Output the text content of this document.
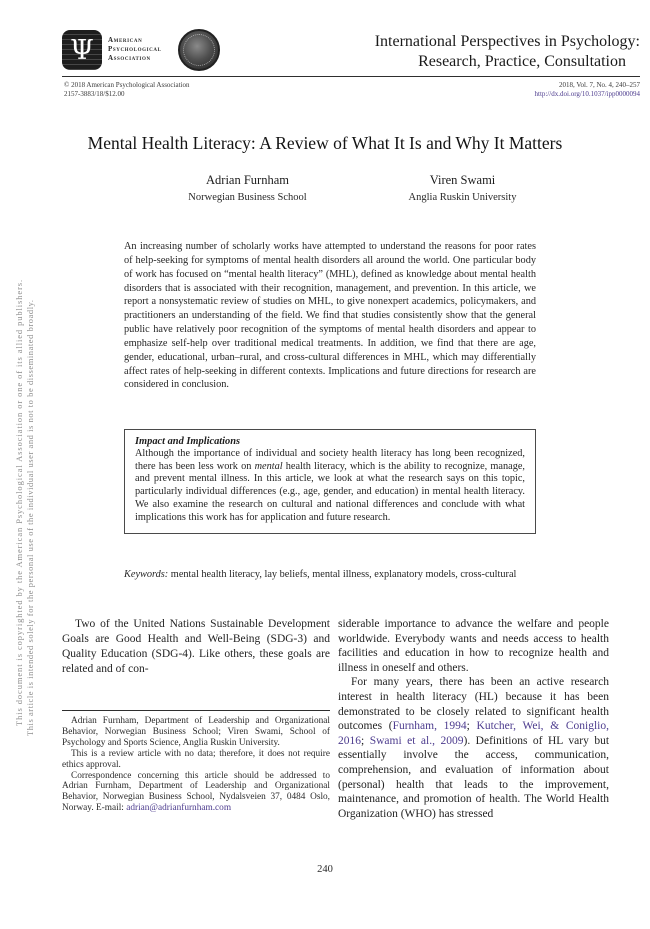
This document is copyrighted by the American Psychological Association or one of its allied publishers. This article is intended solely for the personal use of the individual user and is not to be disseminated broadly.
Ψ American
Psychological
Association
International Perspectives in Psychology:
Research, Practice, Consultation
© 2018 American Psychological Association
2157-3883/18/$12.00
2018, Vol. 7, No. 4, 240–257
http://dx.doi.org/10.1037/ipp0000094
Mental Health Literacy: A Review of What It Is and Why It Matters
Adrian Furnham
Norwegian Business School
Viren Swami
Anglia Ruskin University
An increasing number of scholarly works have attempted to understand the reasons for poor rates of help-seeking for symptoms of mental health disorders all around the world. One particular body of work has focused on “mental health literacy” (MHL), defined as knowledge about mental health disorders that is associated with their recognition, management, and prevention. In this article, we report a nonsystematic review of studies on MHL, to give nonexpert academics, policymakers, and practitioners an understanding of the field. We find that studies consistently show that the general public have relatively poor recognition of the symptoms of mental health disorders and appear to emphasize self-help over traditional medical treatments. In addition, we find that there are age, gender, educational, urban–rural, and cross-cultural differences in MHL, which may differentially affect rates of help-seeking in different contexts. Implications and future directions for research are considered in conclusion.
Impact and Implications
Although the importance of individual and society health literacy has long been recognized, there has been less work on mental health literacy, which is the ability to recognize, manage, and prevent mental illness. In this article, we look at what the research says on this topic, particularly individual differences (e.g., age, gender, and education) in mental health literacy. We also examine the research on cultural and national differences and conclude with what implications this work has for application and future research.
Keywords: mental health literacy, lay beliefs, mental illness, explanatory models, cross-cultural
Two of the United Nations Sustainable Development Goals are Good Health and Well-Being (SDG-3) and Quality Education (SDG-4). Like others, these goals are related and of con-

siderable importance to advance the welfare and people worldwide. Everybody wants and needs access to health facilities and education in how to recognize health and illness in oneself and others.

For many years, there has been an active research interest in health literacy (HL) because it has been demonstrated to be closely related to significant health outcomes (Furnham, 1994; Kutcher, Wei, & Coniglio, 2016; Swami et al., 2009). Definitions of HL vary but essentially involve the access, communication, comprehension, and evaluation of information about (personal) health that leads to the improvement, maintenance, and promotion of health. The World Health Organization (WHO) has stressed

Adrian Furnham, Department of Leadership and Organizational Behavior, Norwegian Business School; Viren Swami, School of Psychology and Sports Science, Anglia Ruskin University.

This is a review article with no data; therefore, it does not require ethics approval.

Correspondence concerning this article should be addressed to Adrian Furnham, Department of Leadership and Organizational Behavior, Norwegian Business School, Nydalsveien 37, 0484 Oslo, Norway. E-mail: adrian@adrianfurnham.com

240
